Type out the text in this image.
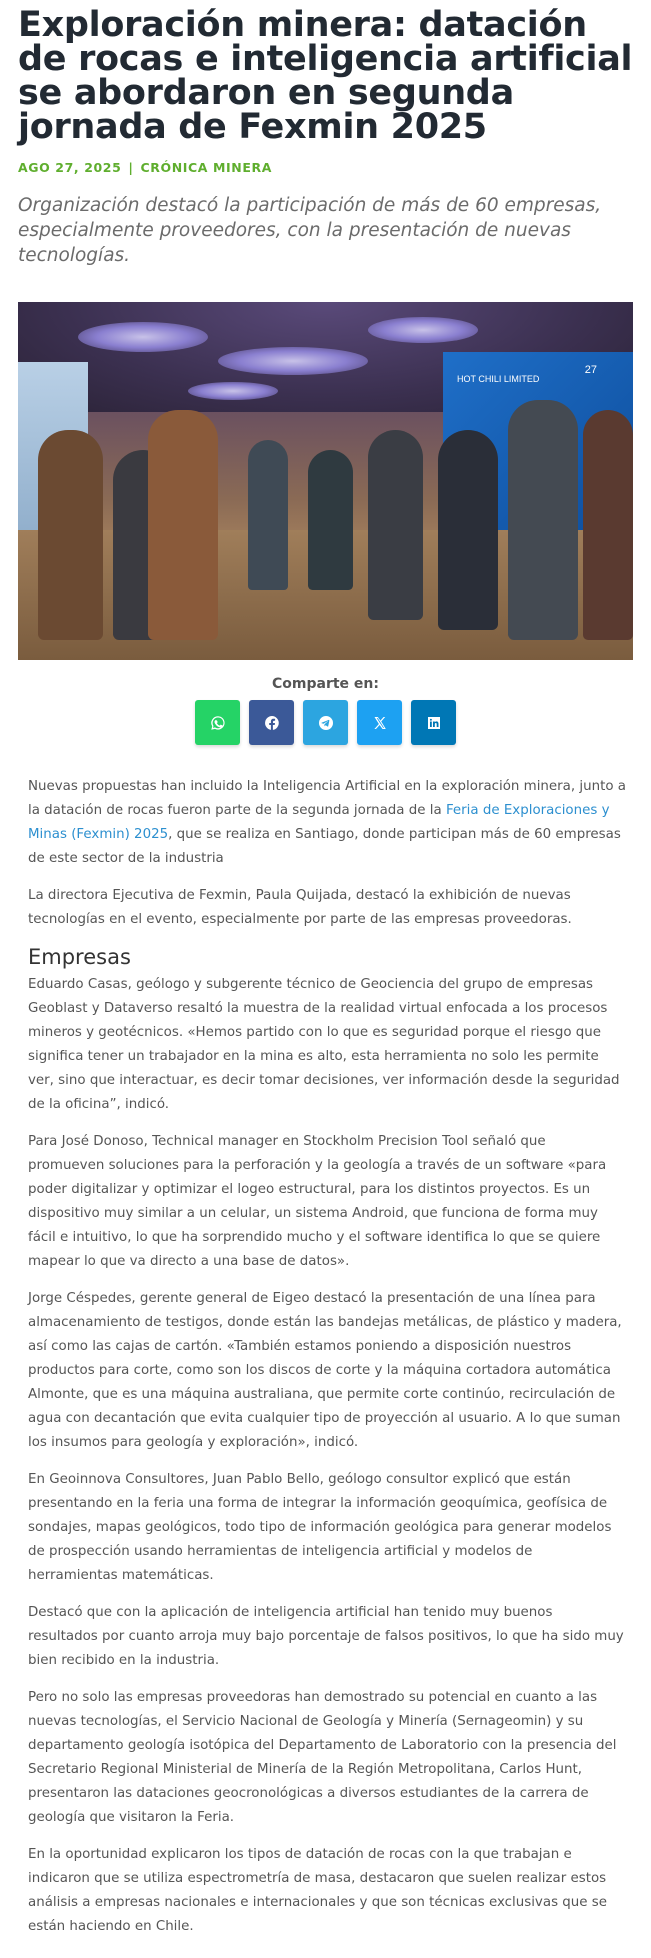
Exploración minera: datación de rocas e inteligencia artificial se abordaron en segunda jornada de Fexmin 2025
AGO 27, 2025 | CRÓNICA MINERA
Organización destacó la participación de más de 60 empresas, especialmente proveedores, con la presentación de nuevas tecnologías.
HOT CHILI LIMITED
27
Comparte en:

Nuevas propuestas han incluido la Inteligencia Artificial en la exploración minera, junto a la datación de rocas fueron parte de la segunda jornada de la Feria de Exploraciones y Minas (Fexmin) 2025, que se realiza en Santiago, donde participan más de 60 empresas de este sector de la industria

La directora Ejecutiva de Fexmin, Paula Quijada, destacó la exhibición de nuevas tecnologías en el evento, especialmente por parte de las empresas proveedoras.

Empresas

Eduardo Casas, geólogo y subgerente técnico de Geociencia del grupo de empresas Geoblast y Dataverso resaltó la muestra de la realidad virtual enfocada a los procesos mineros y geotécnicos. «Hemos partido con lo que es seguridad porque el riesgo que significa tener un trabajador en la mina es alto, esta herramienta no solo les permite ver, sino que interactuar, es decir tomar decisiones, ver información desde la seguridad de la oficina”, indicó.

Para José Donoso, Technical manager en Stockholm Precision Tool señaló que promueven soluciones para la perforación y la geología a través de un software «para poder digitalizar y optimizar el logeo estructural, para los distintos proyectos. Es un dispositivo muy similar a un celular, un sistema Android, que funciona de forma muy fácil e intuitivo, lo que ha sorprendido mucho y el software identifica lo que se quiere mapear lo que va directo a una base de datos».

Jorge Céspedes, gerente general de Eigeo destacó la presentación de una línea para almacenamiento de testigos, donde están las bandejas metálicas, de plástico y madera, así como las cajas de cartón. «También estamos poniendo a disposición nuestros productos para corte, como son los discos de corte y la máquina cortadora automática Almonte, que es una máquina australiana, que permite corte continúo, recirculación de agua con decantación que evita cualquier tipo de proyección al usuario. A lo que suman los insumos para geología y exploración», indicó.

En Geoinnova Consultores, Juan Pablo Bello, geólogo consultor explicó que están presentando en la feria una forma de integrar la información geoquímica, geofísica de sondajes, mapas geológicos, todo tipo de información geológica para generar modelos de prospección usando herramientas de inteligencia artificial y modelos de herramientas matemáticas.

Destacó que con la aplicación de inteligencia artificial han tenido muy buenos resultados por cuanto arroja muy bajo porcentaje de falsos positivos, lo que ha sido muy bien recibido en la industria.

Pero no solo las empresas proveedoras han demostrado su potencial en cuanto a las nuevas tecnologías, el Servicio Nacional de Geología y Minería (Sernageomin) y su departamento geología isotópica del Departamento de Laboratorio con la presencia del Secretario Regional Ministerial de Minería de la Región Metropolitana, Carlos Hunt, presentaron las dataciones geocronológicas a diversos estudiantes de la carrera de geología que visitaron la Feria.

En la oportunidad explicaron los tipos de datación de rocas con la que trabajan e indicaron que se utiliza espectrometría de masa, destacaron que suelen realizar estos análisis a empresas nacionales e internacionales y que son técnicas exclusivas que se están haciendo en Chile.
